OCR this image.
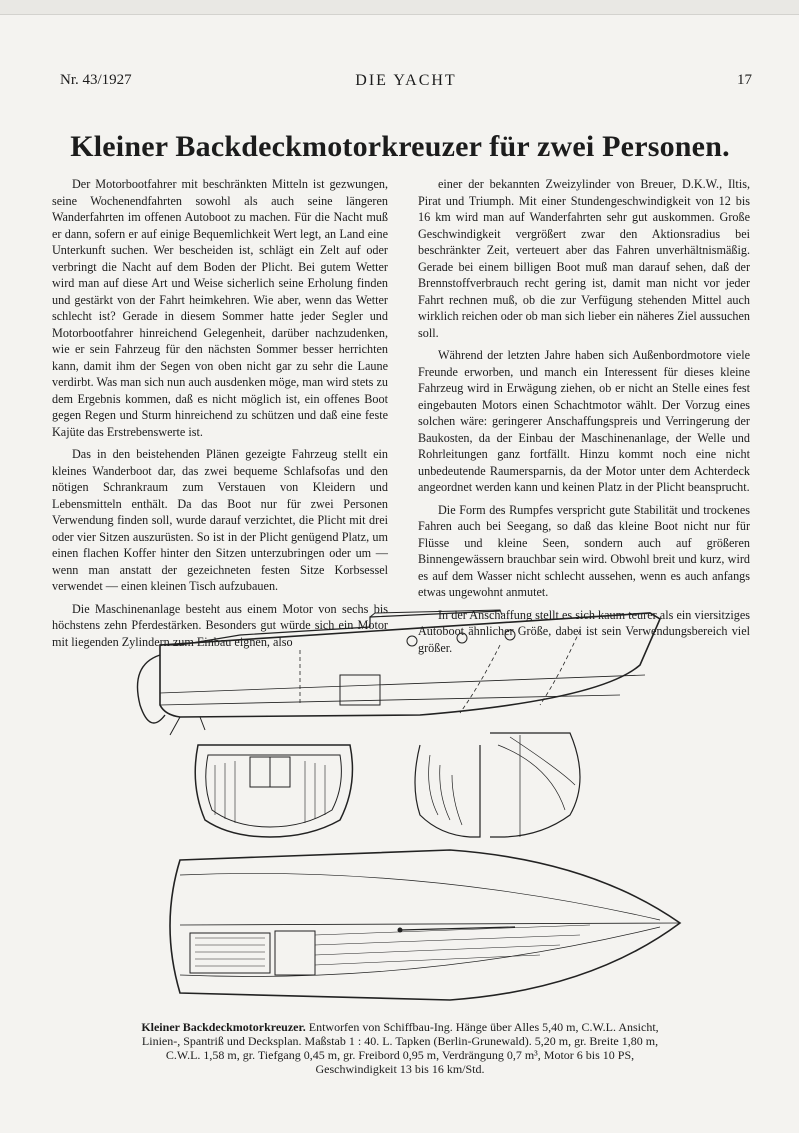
Nr. 43/1927	DIE YACHT	17
Kleiner Backdeckmotorkreuzer für zwei Personen.

Der Motorbootfahrer mit beschränkten Mitteln ist gezwungen, seine Wochenendfahrten sowohl als auch seine längeren Wanderfahrten im offenen Autoboot zu machen. Für die Nacht muß er dann, sofern er auf einige Bequemlichkeit Wert legt, an Land eine Unterkunft suchen. Wer bescheiden ist, schlägt ein Zelt auf oder verbringt die Nacht auf dem Boden der Plicht. Bei gutem Wetter wird man auf diese Art und Weise sicherlich seine Erholung finden und gestärkt von der Fahrt heimkehren. Wie aber, wenn das Wetter schlecht ist? Gerade in diesem Sommer hatte jeder Segler und Motorbootfahrer hinreichend Gelegenheit, darüber nachzudenken, wie er sein Fahrzeug für den nächsten Sommer besser herrichten kann, damit ihm der Segen von oben nicht gar zu sehr die Laune verdirbt. Was man sich nun auch ausdenken möge, man wird stets zu dem Ergebnis kommen, daß es nicht möglich ist, ein offenes Boot gegen Regen und Sturm hinreichend zu schützen und daß eine feste Kajüte das Erstrebenswerte ist.

Das in den beistehenden Plänen gezeigte Fahrzeug stellt ein kleines Wanderboot dar, das zwei bequeme Schlafsofas und den nötigen Schrankraum zum Verstauen von Kleidern und Lebensmitteln enthält. Da das Boot nur für zwei Personen Verwendung finden soll, wurde darauf verzichtet, die Plicht mit drei oder vier Sitzen auszurüsten. So ist in der Plicht genügend Platz, um einen flachen Koffer hinter den Sitzen unterzubringen oder um — wenn man anstatt der gezeichneten festen Sitze Korbsessel verwendet — einen kleinen Tisch aufzubauen.

Die Maschinenanlage besteht aus einem Motor von sechs bis höchstens zehn Pferdestärken. Besonders gut würde sich ein Motor mit liegenden Zylindern zum Einbau eignen, also

einer der bekannten Zweizylinder von Breuer, D.K.W., Iltis, Pirat und Triumph. Mit einer Stundengeschwindigkeit von 12 bis 16 km wird man auf Wanderfahrten sehr gut auskommen. Große Geschwindigkeit vergrößert zwar den Aktionsradius bei beschränkter Zeit, verteuert aber das Fahren unverhältnismäßig. Gerade bei einem billigen Boot muß man darauf sehen, daß der Brennstoffverbrauch recht gering ist, damit man nicht vor jeder Fahrt rechnen muß, ob die zur Verfügung stehenden Mittel auch wirklich reichen oder ob man sich lieber ein näheres Ziel aussuchen soll.

Während der letzten Jahre haben sich Außenbordmotore viele Freunde erworben, und manch ein Interessent für dieses kleine Fahrzeug wird in Erwägung ziehen, ob er nicht an Stelle eines fest eingebauten Motors einen Schachtmotor wählt. Der Vorzug eines solchen wäre: geringerer Anschaffungspreis und Verringerung der Baukosten, da der Einbau der Maschinenanlage, der Welle und Rohrleitungen ganz fortfällt. Hinzu kommt noch eine nicht unbedeutende Raumersparnis, da der Motor unter dem Achterdeck angeordnet werden kann und keinen Platz in der Plicht beansprucht.

Die Form des Rumpfes verspricht gute Stabilität und trockenes Fahren auch bei Seegang, so daß das kleine Boot nicht nur für Flüsse und kleine Seen, sondern auch auf größeren Binnengewässern brauchbar sein wird. Obwohl breit und kurz, wird es auf dem Wasser nicht schlecht aussehen, wenn es auch anfangs etwas ungewohnt anmutet.

In der Anschaffung stellt es sich kaum teurer als ein viersitziges Autoboot ähnlicher Größe, dabei ist sein Verwendungsbereich viel größer.

Kleiner Backdeckmotorkreuzer. Entworfen von Schiffbau-Ing. Hänge über Alles 5,40 m, C.W.L. Ansicht, Linien-, Spantriß und Decksplan. Maßstab 1 : 40. L. Tapken (Berlin-Grunewald). 5,20 m, gr. Breite 1,80 m, C.W.L. 1,58 m, gr. Tiefgang 0,45 m, gr. Freibord 0,95 m, Verdrängung 0,7 m³, Motor 6 bis 10 PS, Geschwindigkeit 13 bis 16 km/Std.
